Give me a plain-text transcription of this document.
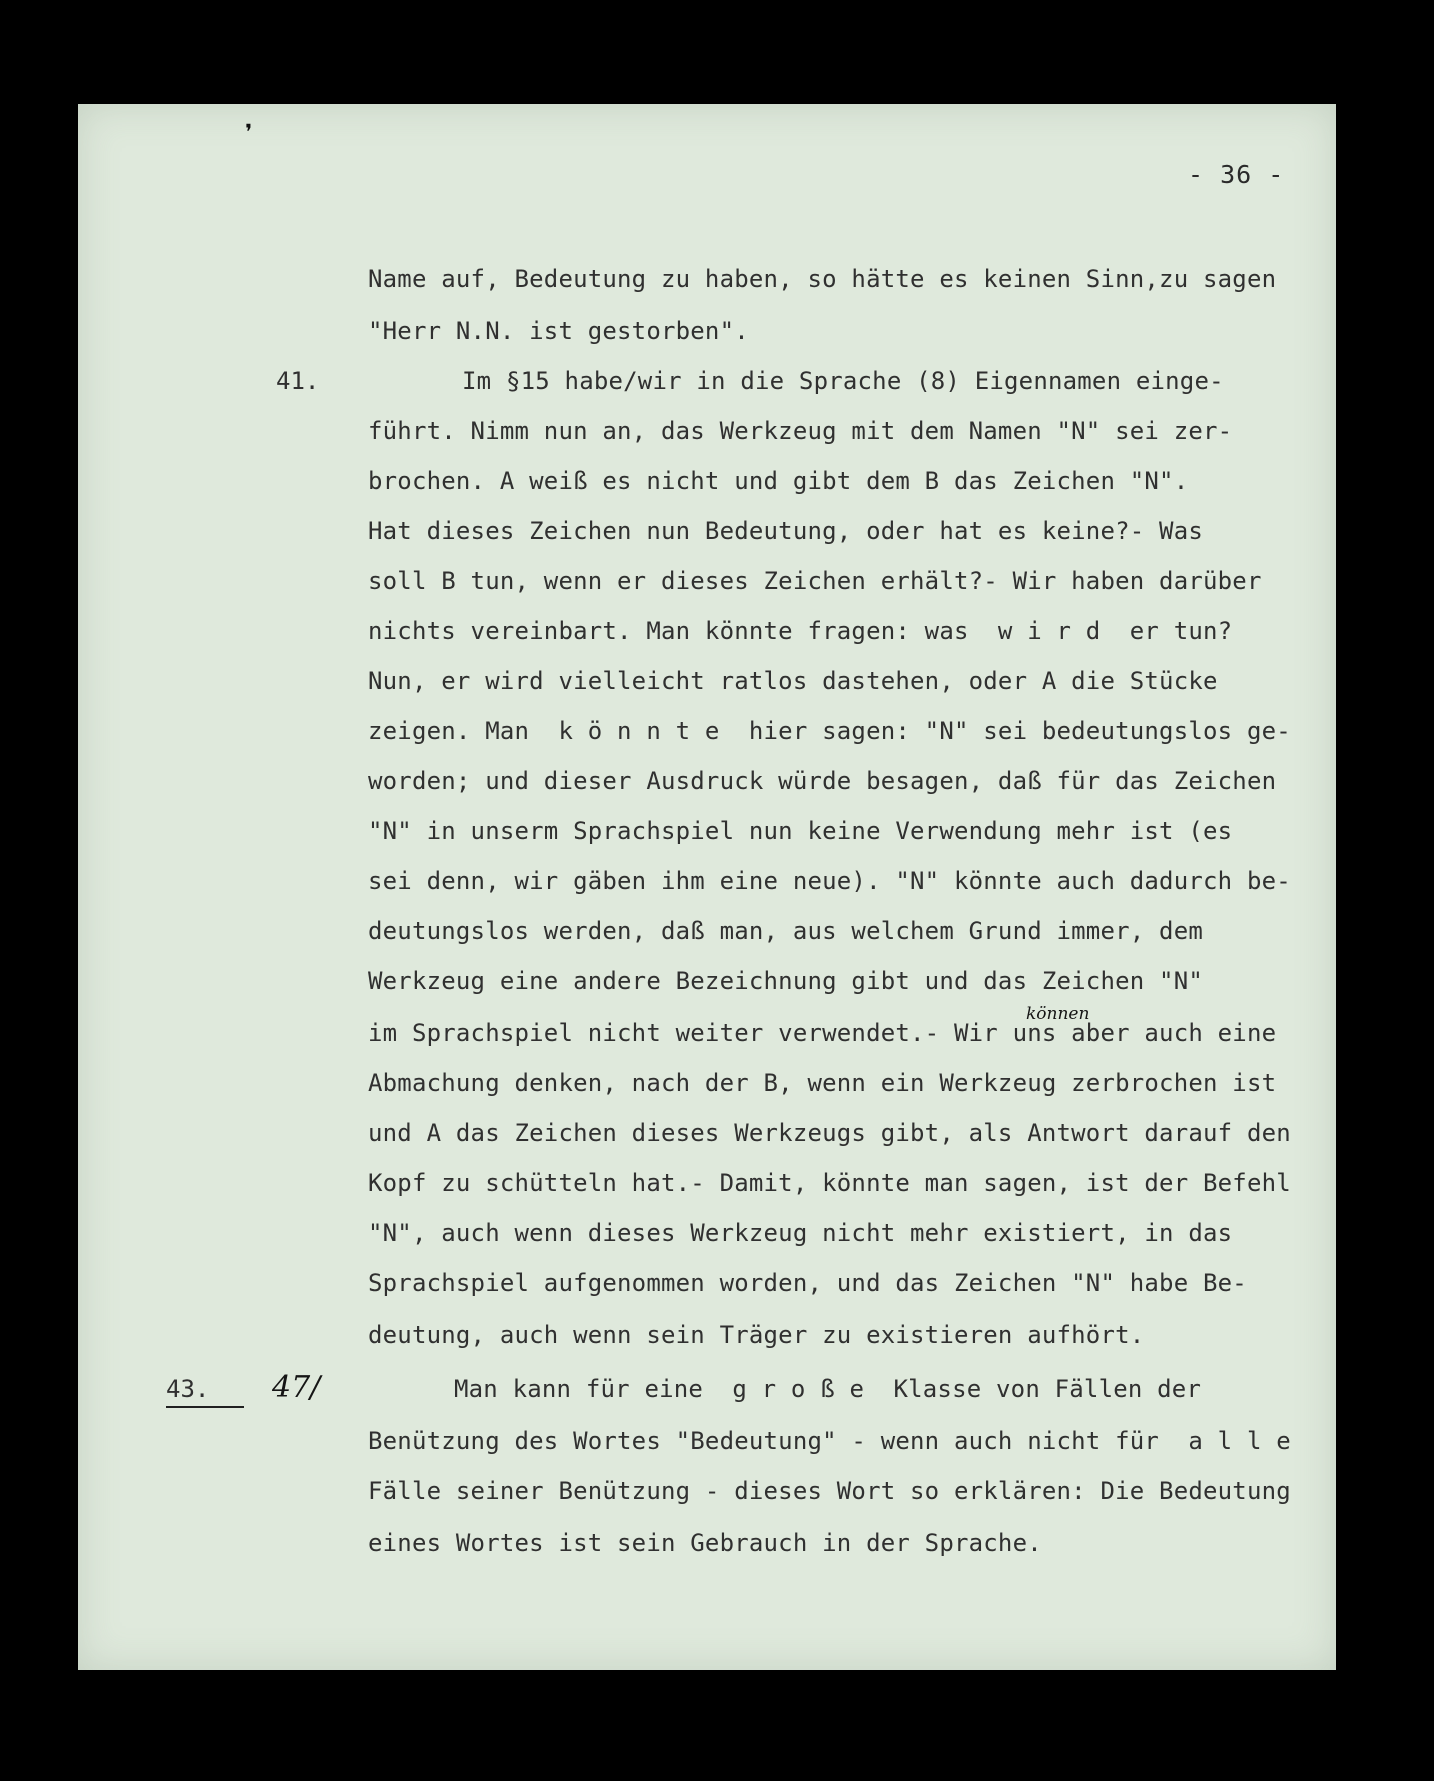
❜
- 36 -
41.
43.	47/
können
Name auf, Bedeutung zu haben, so hätte es keinen Sinn,zu sagen
"Herr N.N. ist gestorben".
Im §15 habe/wir in die Sprache (8) Eigennamen einge-
führt. Nimm nun an, das Werkzeug mit dem Namen "N" sei zer-
brochen. A weiß es nicht und gibt dem B das Zeichen "N".
Hat dieses Zeichen nun Bedeutung, oder hat es keine?- Was
soll B tun, wenn er dieses Zeichen erhält?- Wir haben darüber
nichts vereinbart. Man könnte fragen: was  w i r d  er tun?
Nun, er wird vielleicht ratlos dastehen, oder A die Stücke
zeigen. Man  k ö n n t e  hier sagen: "N" sei bedeutungslos ge-
worden; und dieser Ausdruck würde besagen, daß für das Zeichen
"N" in unserm Sprachspiel nun keine Verwendung mehr ist (es
sei denn, wir gäben ihm eine neue). "N" könnte auch dadurch be-
deutungslos werden, daß man, aus welchem Grund immer, dem
Werkzeug eine andere Bezeichnung gibt und das Zeichen "N"
im Sprachspiel nicht weiter verwendet.- Wir uns aber auch eine
Abmachung denken, nach der B, wenn ein Werkzeug zerbrochen ist
und A das Zeichen dieses Werkzeugs gibt, als Antwort darauf den
Kopf zu schütteln hat.- Damit, könnte man sagen, ist der Befehl
"N", auch wenn dieses Werkzeug nicht mehr existiert, in das
Sprachspiel aufgenommen worden, und das Zeichen "N" habe Be-
deutung, auch wenn sein Träger zu existieren aufhört.
Man kann für eine  g r o ß e  Klasse von Fällen der
Benützung des Wortes "Bedeutung" - wenn auch nicht für  a l l e
Fälle seiner Benützung - dieses Wort so erklären: Die Bedeutung
eines Wortes ist sein Gebrauch in der Sprache.
